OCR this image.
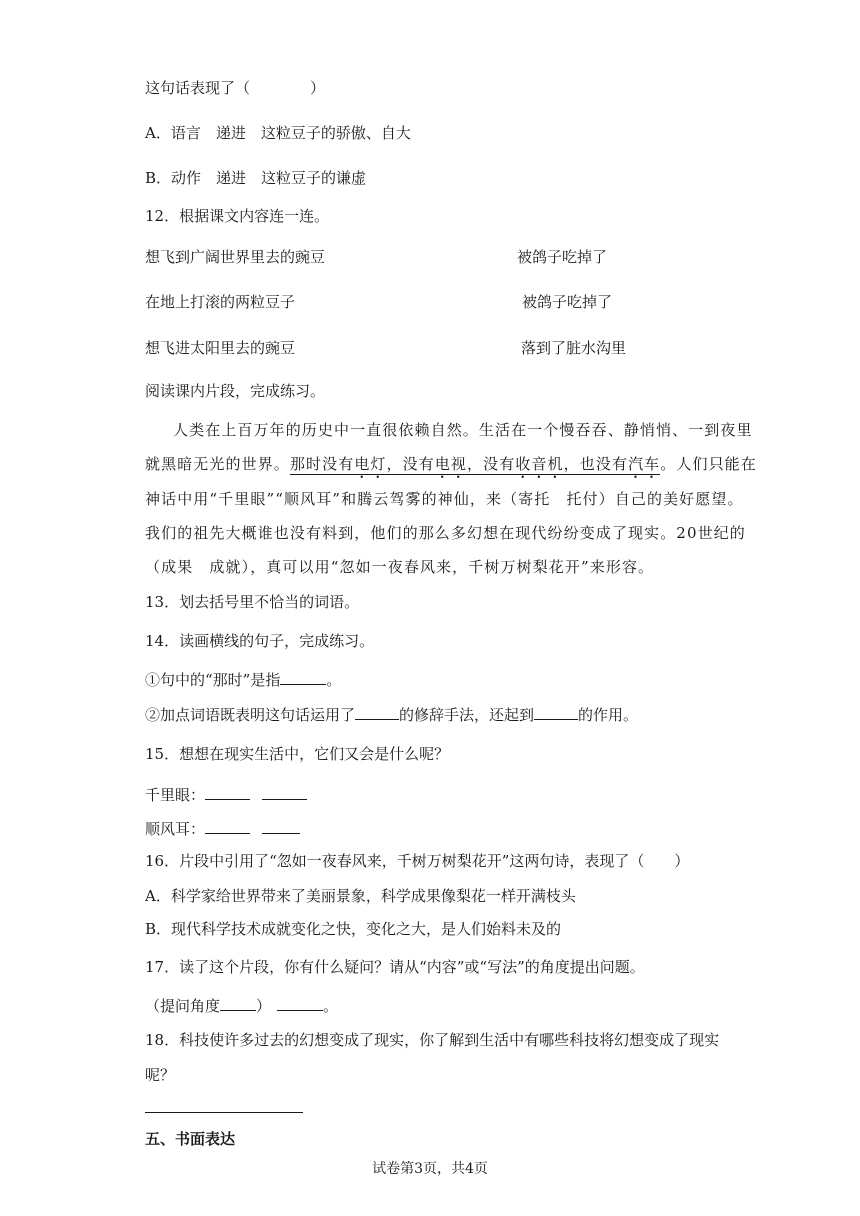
这句话表现了（　　　　）
A．语言　递进　这粒豆子的骄傲、自大
B．动作　递进　这粒豆子的谦虚
12．根据课文内容连一连。
想飞到广阔世界里去的豌豆	被鸽子吃掉了
在地上打滚的两粒豆子	被鸽子吃掉了
想飞进太阳里去的豌豆	落到了脏水沟里
阅读课内片段，完成练习。
人类在上百万年的历史中一直很依赖自然。生活在一个慢吞吞、静悄悄、一到夜里
就黑暗无光的世界。那时没有电灯，没有电视，没有收音机，也没有汽车。人们只能在
神话中用“千里眼”“顺风耳”和腾云驾雾的神仙，来（寄托　托付）自己的美好愿望。
我们的祖先大概谁也没有料到，他们的那么多幻想在现代纷纷变成了现实。20世纪的
（成果　成就），真可以用“忽如一夜春风来，千树万树梨花开”来形容。
13．划去括号里不恰当的词语。
14．读画横线的句子，完成练习。
①句中的“那时”是指	。
②加点词语既表明这句话运用了	的修辞手法，还起到	的作用。
15．想想在现实生活中，它们又会是什么呢？
千里眼：
顺风耳：
16．片段中引用了“忽如一夜春风来，千树万树梨花开”这两句诗，表现了（　　）
A．科学家给世界带来了美丽景象，科学成果像梨花一样开满枝头
B．现代科学技术成就变化之快，变化之大，是人们始料未及的
17．读了这个片段，你有什么疑问？请从“内容”或“写法”的角度提出问题。
（提问角度 ）	。
18．科技使许多过去的幻想变成了现实，你了解到生活中有哪些科技将幻想变成了现实
呢？
五、书面表达
试卷第3页，共4页
